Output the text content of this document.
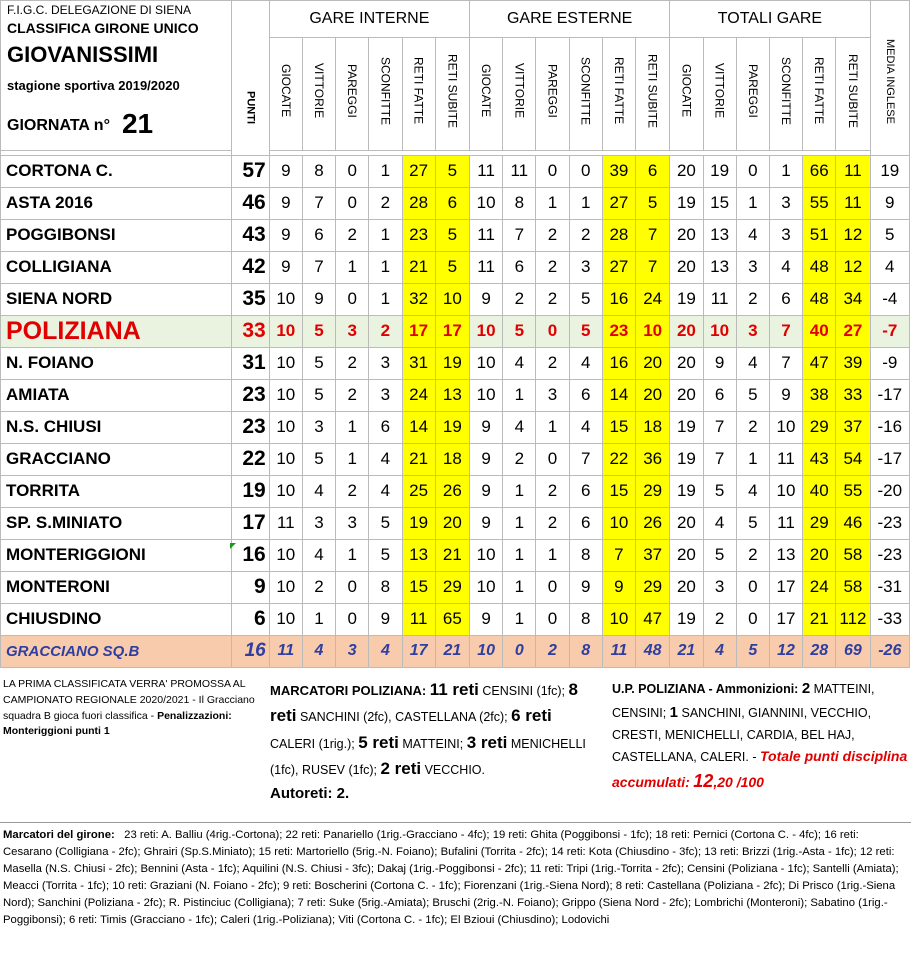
F.I.G.C. DELEGAZIONE DI SIENA	PUNTI	GARE INTERNE						GARE ESTERNE						TOTALI GARE						MEDIA INGLESE
CLASSIFICA GIRONE UNICO																				
GIOVANISSIMI		GIOCATE	VITTORIE	PAREGGI	SCONFITTE	RETI FATTE	RETI SUBITE	GIOCATE	VITTORIE	PAREGGI	SCONFITTE	RETI FATTE	RETI SUBITE	GIOCATE	VITTORIE	PAREGGI	SCONFITTE	RETI FATTE	RETI SUBITE	
stagione sportiva 2019/2020																				
GIORNATA n° 21																				

CORTONA C.	57	9	8	0	1	27	5	11	11	0	0	39	6	20	19	0	1	66	11	19
ASTA 2016	46	9	7	0	2	28	6	10	8	1	1	27	5	19	15	1	3	55	11	9
POGGIBONSI	43	9	6	2	1	23	5	11	7	2	2	28	7	20	13	4	3	51	12	5
COLLIGIANA	42	9	7	1	1	21	5	11	6	2	3	27	7	20	13	3	4	48	12	4
SIENA NORD	35	10	9	0	1	32	10	9	2	2	5	16	24	19	11	2	6	48	34	-4
POLIZIANA	33	10	5	3	2	17	17	10	5	0	5	23	10	20	10	3	7	40	27	-7
N. FOIANO	31	10	5	2	3	31	19	10	4	2	4	16	20	20	9	4	7	47	39	-9
AMIATA	23	10	5	2	3	24	13	10	1	3	6	14	20	20	6	5	9	38	33	-17
N.S. CHIUSI	23	10	3	1	6	14	19	9	4	1	4	15	18	19	7	2	10	29	37	-16
GRACCIANO	22	10	5	1	4	21	18	9	2	0	7	22	36	19	7	1	11	43	54	-17
TORRITA	19	10	4	2	4	25	26	9	1	2	6	15	29	19	5	4	10	40	55	-20
SP. S.MINIATO	17	11	3	3	5	19	20	9	1	2	6	10	26	20	4	5	11	29	46	-23
MONTERIGGIONI	16	10	4	1	5	13	21	10	1	1	8	7	37	20	5	2	13	20	58	-23
MONTERONI	9	10	2	0	8	15	29	10	1	0	9	9	29	20	3	0	17	24	58	-31
CHIUSDINO	6	10	1	0	9	11	65	9	1	0	8	10	47	19	2	0	17	21	112	-33
GRACCIANO SQ.B	16	11	4	3	4	17	21	10	0	2	8	11	48	21	4	5	12	28	69	-26
LA PRIMA CLASSIFICATA VERRA' PROMOSSA AL CAMPIONATO REGIONALE 2020/2021 - Il Gracciano squadra B gioca fuori classifica - Penalizzazioni: Monteriggioni punti 1
MARCATORI POLIZIANA: 11 reti CENSINI (1fc); 8 reti SANCHINI (2fc), CASTELLANA (2fc); 6 reti CALERI (1rig.); 5 reti MATTEINI; 3 reti MENICHELLI (1fc), RUSEV (1fc); 2 reti VECCHIO.
Autoreti: 2.
U.P. POLIZIANA - Ammonizioni: 2 MATTEINI, CENSINI; 1 SANCHINI, GIANNINI, VECCHIO, CRESTI, MENICHELLI, CARDIA, BEL HAJ, CASTELLANA, CALERI. - Totale punti disciplina accumulati: 12,20 /100
Marcatori del girone: 23 reti: A. Balliu (4rig.-Cortona); 22 reti: Panariello (1rig.-Gracciano - 4fc); 19 reti: Ghita (Poggibonsi - 1fc); 18 reti: Pernici (Cortona C. - 4fc); 16 reti: Cesarano (Colligiana - 2fc); Ghrairi (Sp.S.Miniato); 15 reti: Martoriello (5rig.-N. Foiano); Bufalini (Torrita - 2fc); 14 reti: Kota (Chiusdino - 3fc); 13 reti: Brizzi (1rig.-Asta - 1fc); 12 reti: Masella (N.S. Chiusi - 2fc); Bennini (Asta - 1fc); Aquilini (N.S. Chiusi - 3fc); Dakaj (1rig.-Poggibonsi - 2fc); 11 reti: Tripi (1rig.-Torrita - 2fc); Censini (Poliziana - 1fc); Santelli (Amiata); Meacci (Torrita - 1fc); 10 reti: Graziani (N. Foiano - 2fc); 9 reti: Boscherini (Cortona C. - 1fc); Fiorenzani (1rig.-Siena Nord); 8 reti: Castellana (Poliziana - 2fc); Di Prisco (1rig.-Siena Nord); Sanchini (Poliziana - 2fc); R. Pistinciuc (Colligiana); 7 reti: Suke (5rig.-Amiata); Bruschi (2rig.-N. Foiano); Grippo (Siena Nord - 2fc); Lombrichi (Monteroni); Sabatino (1rig.-Poggibonsi); 6 reti: Timis (Gracciano - 1fc); Caleri (1rig.-Poliziana); Viti (Cortona C. - 1fc); El Bzioui (Chiusdino); Lodovichi
